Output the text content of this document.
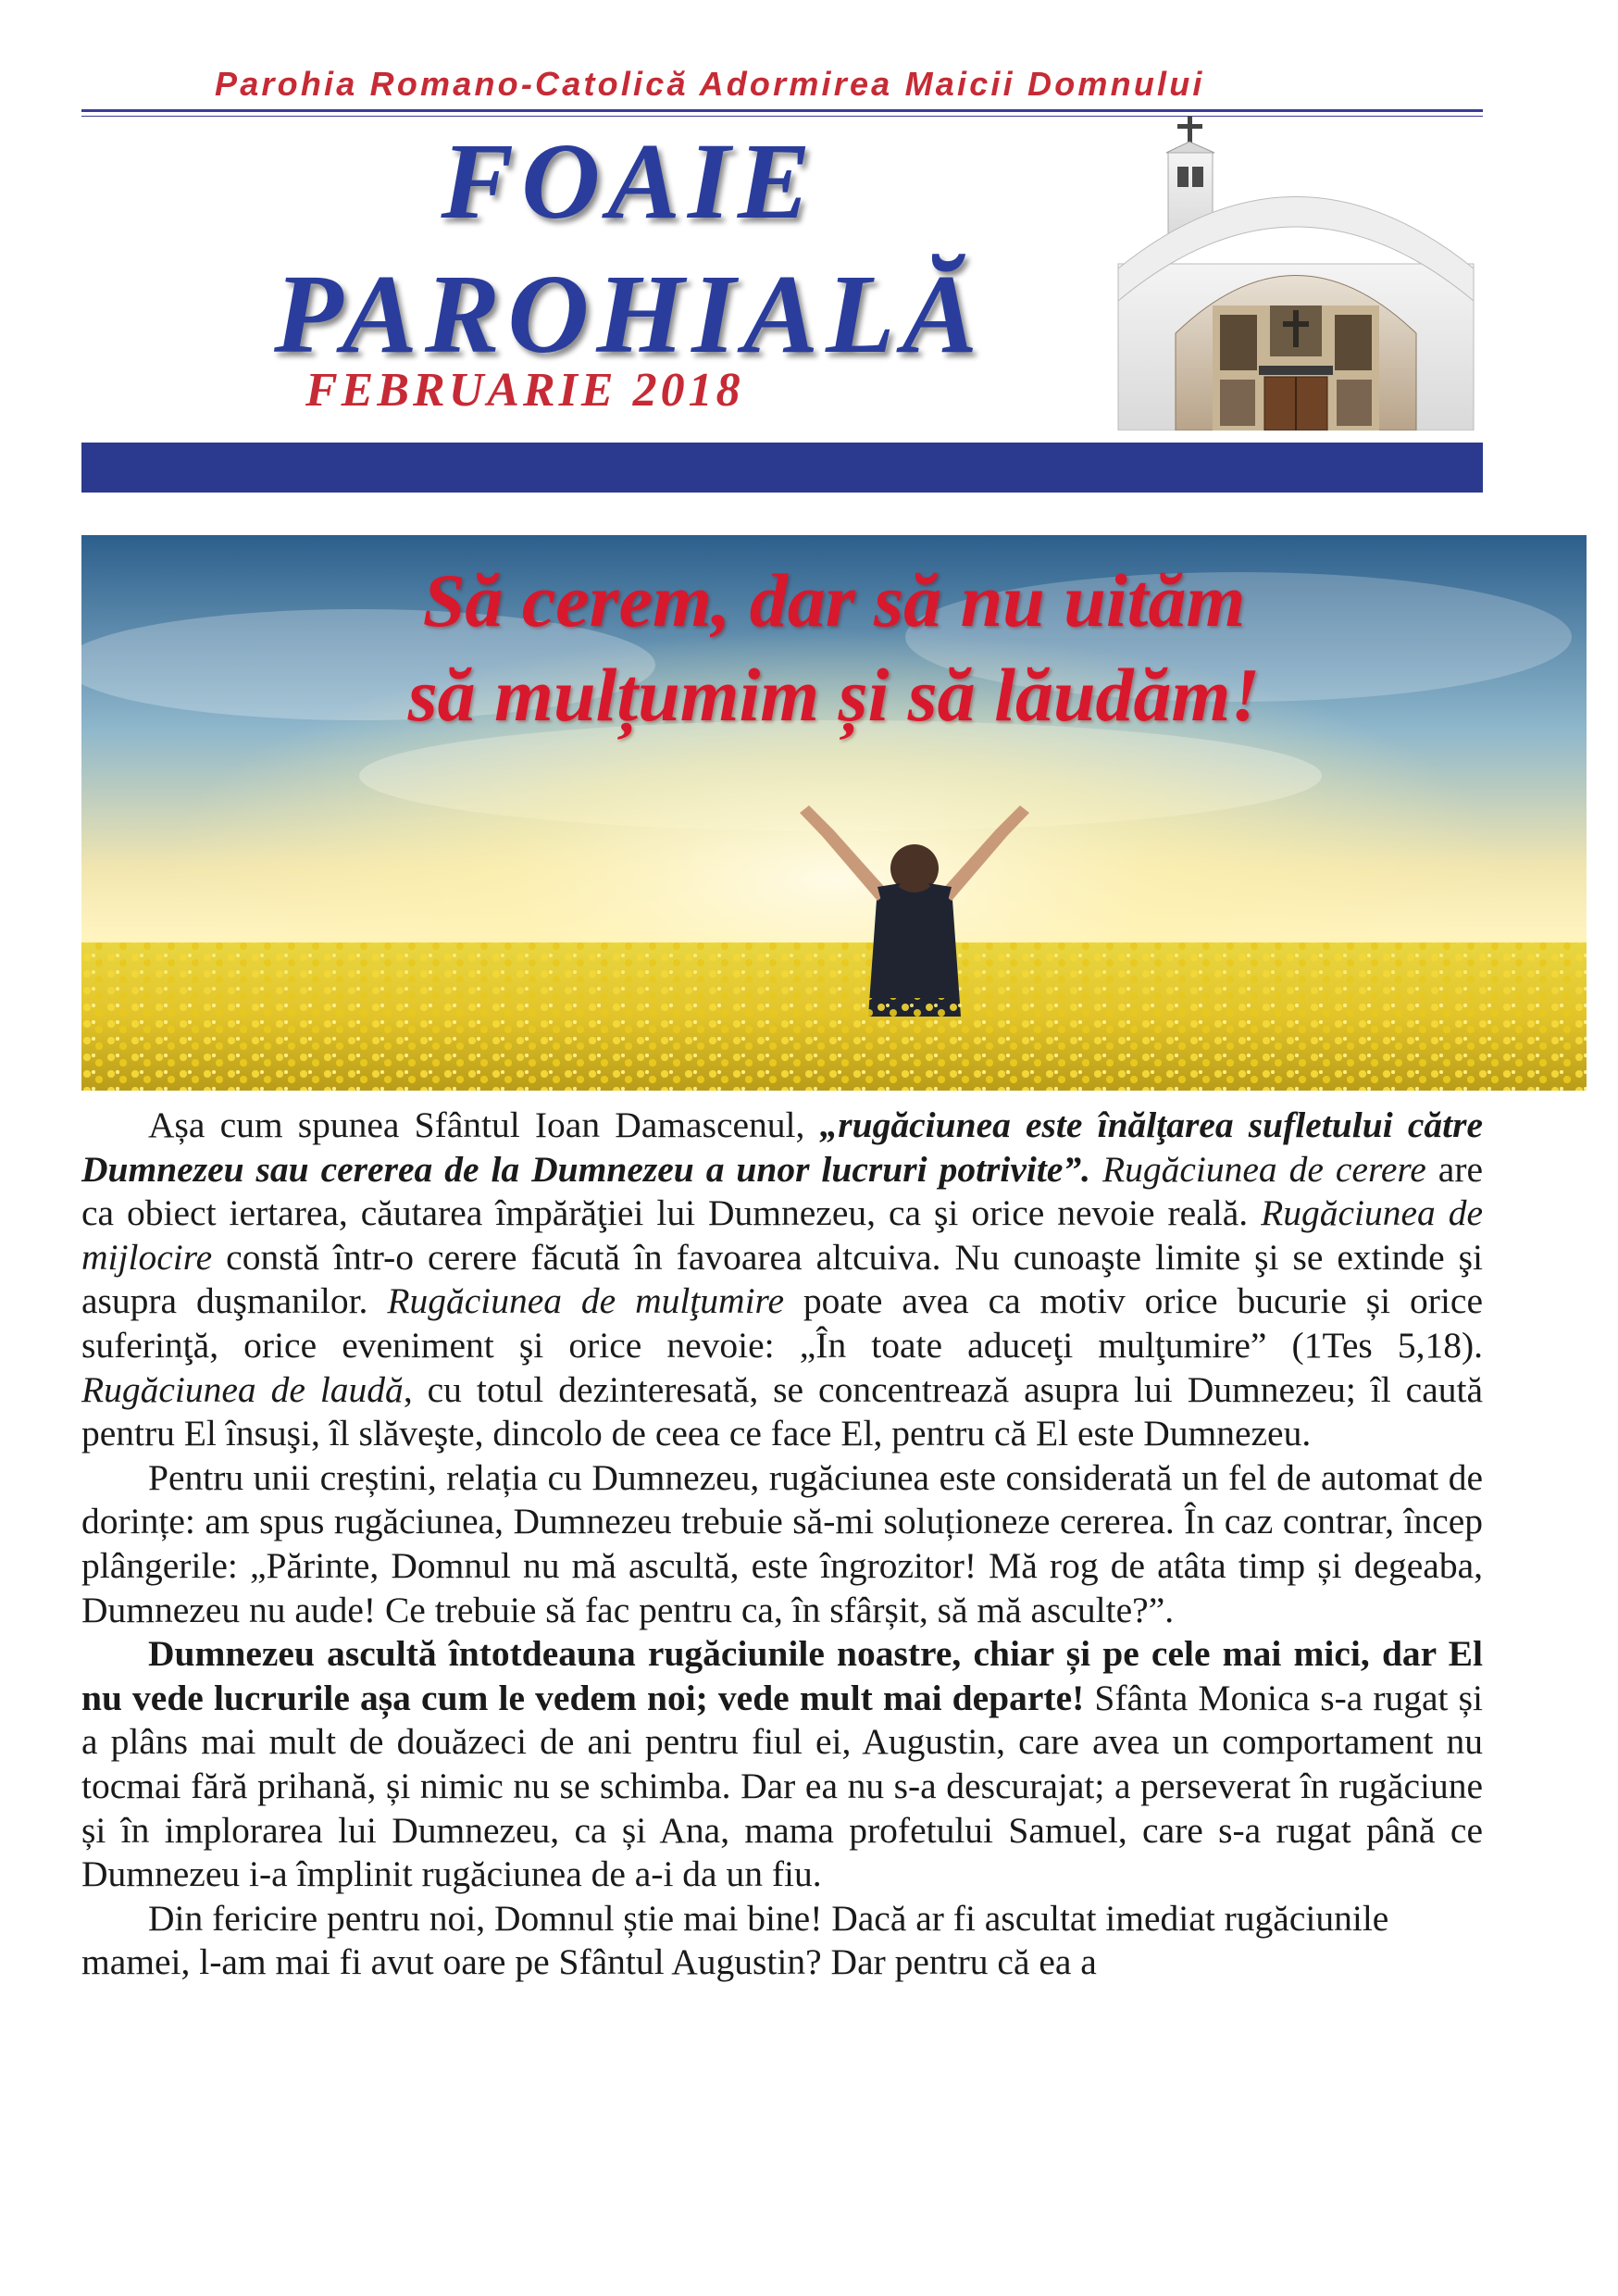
Parohia Romano-Catolică Adormirea Maicii Domnului
FOAIE
PAROHIALĂ
FEBRUARIE 2018
Să cerem, dar să nu uităm
să mulțumim și să lăudăm!

Așa cum spunea Sfântul Ioan Damascenul, „rugăciunea este înălţarea sufletului către Dumnezeu sau cererea de la Dumnezeu a unor lucruri potrivite”. Rugăciunea de cerere are ca obiect iertarea, căutarea împărăţiei lui Dumnezeu, ca şi orice nevoie reală. Rugăciunea de mijlocire constă într-o cerere făcută în favoarea altcuiva. Nu cunoaşte limite şi se extinde şi asupra duşmanilor. Rugăciunea de mulţumire poate avea ca motiv orice bucurie și orice suferinţă, orice eveniment şi orice nevoie: „În toate aduceţi mulţumire” (1Tes 5,18). Rugăciunea de laudă, cu totul dezinteresată, se concentrează asupra lui Dumnezeu; îl caută pentru El însuşi, îl slăveşte, dincolo de ceea ce face El, pentru că El este Dumnezeu.

Pentru unii creștini, relația cu Dumnezeu, rugăciunea este considerată un fel de automat de dorințe: am spus rugăciunea, Dumnezeu trebuie să-mi soluționeze cererea. În caz contrar, încep plângerile: „Părinte, Domnul nu mă ascultă, este îngrozitor! Mă rog de atâta timp și degeaba, Dumnezeu nu aude! Ce trebuie să fac pentru ca, în sfârșit, să mă asculte?”.

Dumnezeu ascultă întotdeauna rugăciunile noastre, chiar și pe cele mai mici, dar El nu vede lucrurile așa cum le vedem noi; vede mult mai departe! Sfânta Monica s-a rugat și a plâns mai mult de douăzeci de ani pentru fiul ei, Augustin, care avea un comportament nu tocmai fără prihană, și nimic nu se schimba. Dar ea nu s-a descurajat; a perseverat în rugăciune și în implorarea lui Dumnezeu, ca și Ana, mama profetului Samuel, care s-a rugat până ce Dumnezeu i-a împlinit rugăciunea de a-i da un fiu.

Din fericire pentru noi, Domnul știe mai bine! Dacă ar fi ascultat imediat rugăciunile mamei, l-am mai fi avut oare pe Sfântul Augustin? Dar pentru că ea a
